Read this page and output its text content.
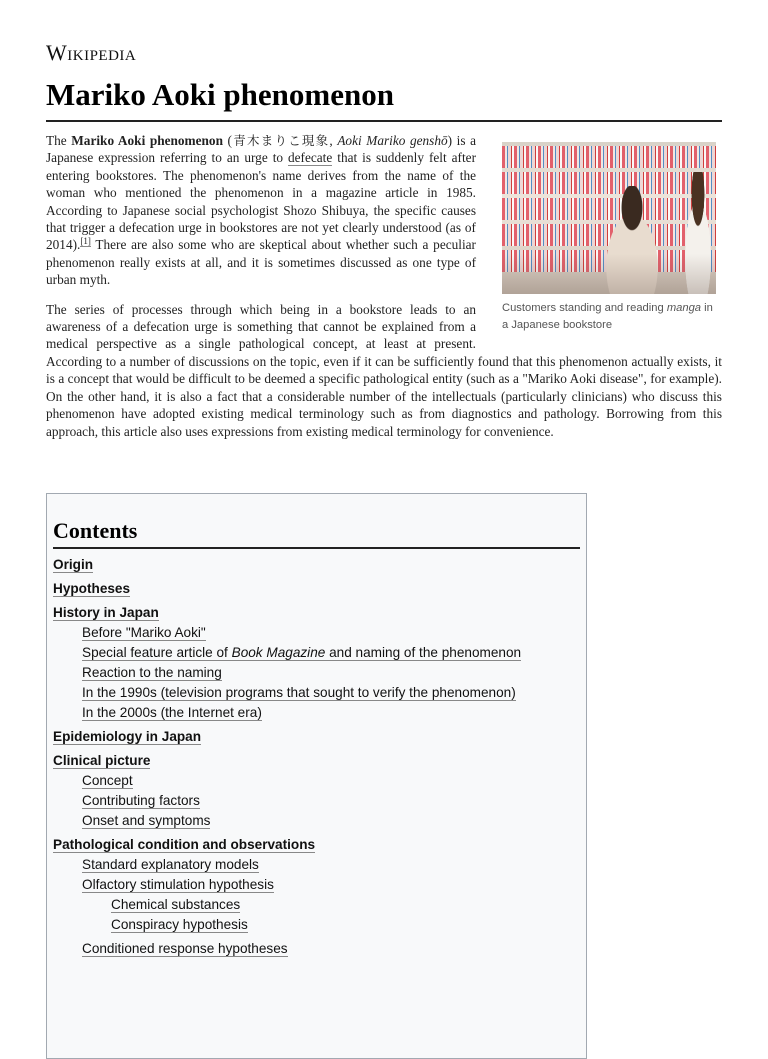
Wikipedia
Mariko Aoki phenomenon
Customers standing and reading manga in a Japanese bookstore

The Mariko Aoki phenomenon (青木まりこ現象, Aoki Mariko genshō) is a Japanese expression referring to an urge to defecate that is suddenly felt after entering bookstores. The phenomenon's name derives from the name of the woman who mentioned the phenomenon in a magazine article in 1985. According to Japanese social psychologist Shozo Shibuya, the specific causes that trigger a defecation urge in bookstores are not yet clearly understood (as of 2014).[1] There are also some who are skeptical about whether such a peculiar phenomenon really exists at all, and it is sometimes discussed as one type of urban myth.

The series of processes through which being in a bookstore leads to an awareness of a defecation urge is something that cannot be explained from a medical perspective as a single pathological concept, at least at present. According to a number of discussions on the topic, even if it can be sufficiently found that this phenomenon actually exists, it is a concept that would be difficult to be deemed a specific pathological entity (such as a "Mariko Aoki disease", for example). On the other hand, it is also a fact that a considerable number of the intellectuals (particularly clinicians) who discuss this phenomenon have adopted existing medical terminology such as from diagnostics and pathology. Borrowing from this approach, this article also uses expressions from existing medical terminology for convenience.

Contents
Origin
Hypotheses
History in Japan
Before "Mariko Aoki"
Special feature article of Book Magazine and naming of the phenomenon
Reaction to the naming
In the 1990s (television programs that sought to verify the phenomenon)
In the 2000s (the Internet era)
Epidemiology in Japan
Clinical picture
Concept
Contributing factors
Onset and symptoms
Pathological condition and observations
Standard explanatory models
Olfactory stimulation hypothesis
Chemical substances
Conspiracy hypothesis
Conditioned response hypotheses
